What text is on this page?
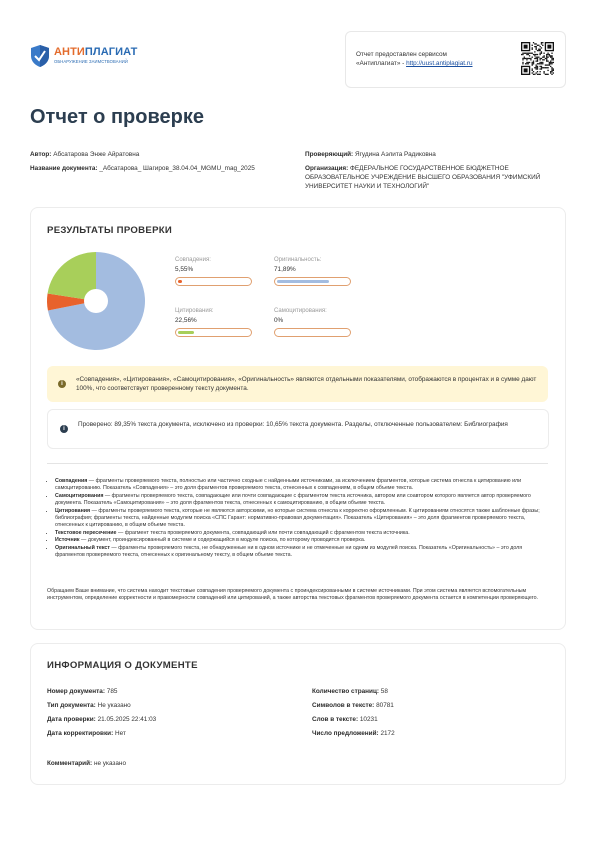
АНТИПЛАГИАТ
ОБНАРУЖЕНИЕ ЗАИМСТВОВАНИЙ
Отчет предоставлен сервисом
«Антиплагиат» - http://uust.antiplagiat.ru
Отчет о проверке
Автор: Абсатарова Энже Айратовна
Название документа: _Абсатарова_ Шагиров_38.04.04_MGMU_mag_2025
Проверяющий: Ягудина Аэлита Радиковна
Организация: ФЕДЕРАЛЬНОЕ ГОСУДАРСТВЕННОЕ БЮДЖЕТНОЕ ОБРАЗОВАТЕЛЬНОЕ УЧРЕЖДЕНИЕ ВЫСШЕГО ОБРАЗОВАНИЯ "УФИМСКИЙ УНИВЕРСИТЕТ НАУКИ И ТЕХНОЛОГИЙ"
РЕЗУЛЬТАТЫ ПРОВЕРКИ
Совпадения:
5,55%
Оригинальность:
71,89%
Цитирования:
22,56%
Самоцитирования:
0%
i
«Совпадения», «Цитирования», «Самоцитирования», «Оригинальность» являются отдельными показателями, отображаются в процентах и в сумме дают 100%, что соответствует проверенному тексту документа.
i
Проверено: 89,35% текста документа, исключено из проверки: 10,65% текста документа. Разделы, отключенные пользователем: Библиография
• Совпадения — фрагменты проверяемого текста, полностью или частично сходные с найденными источниками, за исключением фрагментов, которые система отнесла к цитированию или самоцитированию. Показатель «Совпадения» – это доля фрагментов проверяемого текста, отнесенных к совпадениям, в общем объеме текста.
• Самоцитирования — фрагменты проверяемого текста, совпадающие или почти совпадающие с фрагментом текста источника, автором или соавтором которого является автор проверяемого документа. Показатель «Самоцитирования» – это доля фрагментов текста, отнесенных к самоцитированию, в общем объеме текста.
• Цитирования — фрагменты проверяемого текста, которые не являются авторскими, но которые система отнесла к корректно оформленным. К цитированиям относятся также шаблонные фразы; библиография; фрагменты текста, найденные модулем поиска «СПС Гарант: нормативно-правовая документация». Показатель «Цитирования» – это доля фрагментов проверяемого текста, отнесенных к цитированию, в общем объеме текста.
• Текстовое пересечение — фрагмент текста проверяемого документа, совпадающий или почти совпадающий с фрагментом текста источника.
• Источник — документ, проиндексированный в системе и содержащийся в модуле поиска, по которому проводится проверка.
• Оригинальный текст — фрагменты проверяемого текста, не обнаруженные ни в одном источнике и не отмеченные ни одним из модулей поиска. Показатель «Оригинальность» – это доля фрагментов проверяемого текста, отнесенных к оригинальному тексту, в общем объеме текста.
Обращаем Ваше внимание, что система находит текстовые совпадения проверяемого документа с проиндексированными в системе источниками. При этом система является вспомогательным инструментом, определение корректности и правомерности совпадений или цитирований, а также авторства текстовых фрагментов проверяемого документа остается в компетенции проверяющего.
ИНФОРМАЦИЯ О ДОКУМЕНТЕ
Номер документа: 785
Тип документа: Не указано
Дата проверки: 21.05.2025 22:41:03
Дата корректировки: Нет
Количество страниц: 58
Символов в тексте: 80781
Слов в тексте: 10231
Число предложений: 2172
Комментарий: не указано
